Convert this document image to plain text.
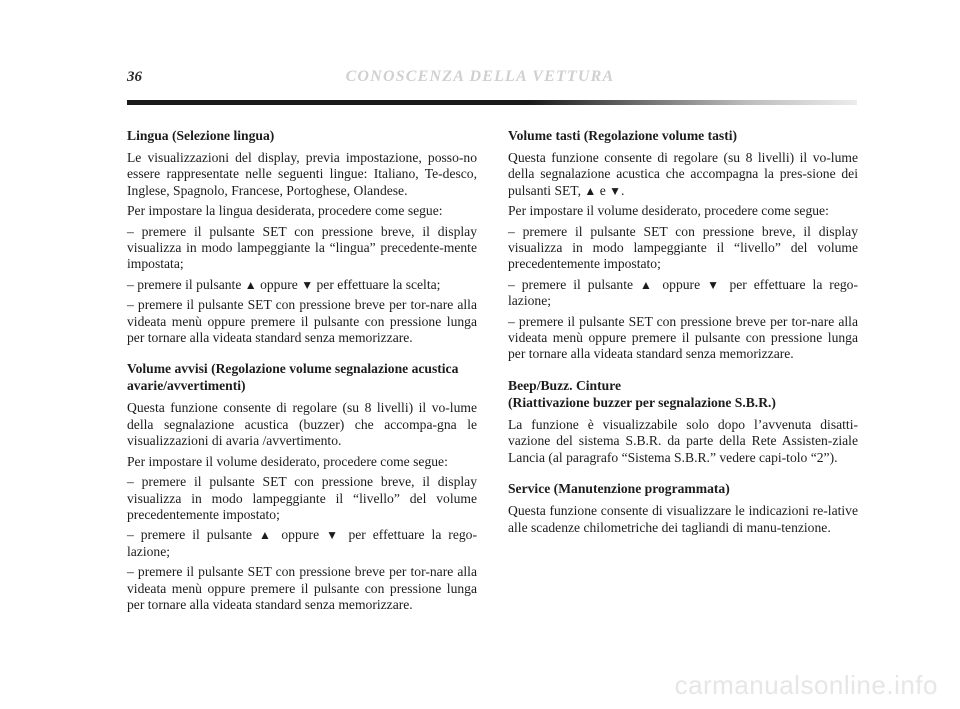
36	CONOSCENZA DELLA VETTURA
Lingua (Selezione lingua)

Le visualizzazioni del display, previa impostazione, posso-no essere rappresentate nelle seguenti lingue: Italiano, Te-desco, Inglese, Spagnolo, Francese, Portoghese, Olandese.

Per impostare la lingua desiderata, procedere come segue:

– premere il pulsante SET con pressione breve, il display visualizza in modo lampeggiante la “lingua” precedente-mente impostata;

– premere il pulsante ▲ oppure ▼ per effettuare la scelta;

– premere il pulsante SET con pressione breve per tor-nare alla videata menù oppure premere il pulsante con pressione lunga per tornare alla videata standard senza memorizzare.

Volume avvisi (Regolazione volume segnalazione acustica avarie/avvertimenti)

Questa funzione consente di regolare (su 8 livelli) il vo-lume della segnalazione acustica (buzzer) che accompa-gna le visualizzazioni di avaria /avvertimento.

Per impostare il volume desiderato, procedere come segue:

– premere il pulsante SET con pressione breve, il display visualizza in modo lampeggiante il “livello” del volume precedentemente impostato;

– premere il pulsante ▲ oppure ▼ per effettuare la rego-lazione;

– premere il pulsante SET con pressione breve per tor-nare alla videata menù oppure premere il pulsante con pressione lunga per tornare alla videata standard senza memorizzare.

Volume tasti (Regolazione volume tasti)

Questa funzione consente di regolare (su 8 livelli) il vo-lume della segnalazione acustica che accompagna la pres-sione dei pulsanti SET, ▲ e ▼.

Per impostare il volume desiderato, procedere come segue:

– premere il pulsante SET con pressione breve, il display visualizza in modo lampeggiante il “livello” del volume precedentemente impostato;

– premere il pulsante ▲ oppure ▼ per effettuare la rego-lazione;

– premere il pulsante SET con pressione breve per tor-nare alla videata menù oppure premere il pulsante con pressione lunga per tornare alla videata standard senza memorizzare.

Beep/Buzz. Cinture
(Riattivazione buzzer per segnalazione S.B.R.)

La funzione è visualizzabile solo dopo l’avvenuta disatti-vazione del sistema S.B.R. da parte della Rete Assisten-ziale Lancia (al paragrafo “Sistema S.B.R.” vedere capi-tolo “2”).

Service (Manutenzione programmata)

Questa funzione consente di visualizzare le indicazioni re-lative alle scadenze chilometriche dei tagliandi di manu-tenzione.

carmanualsonline.info
